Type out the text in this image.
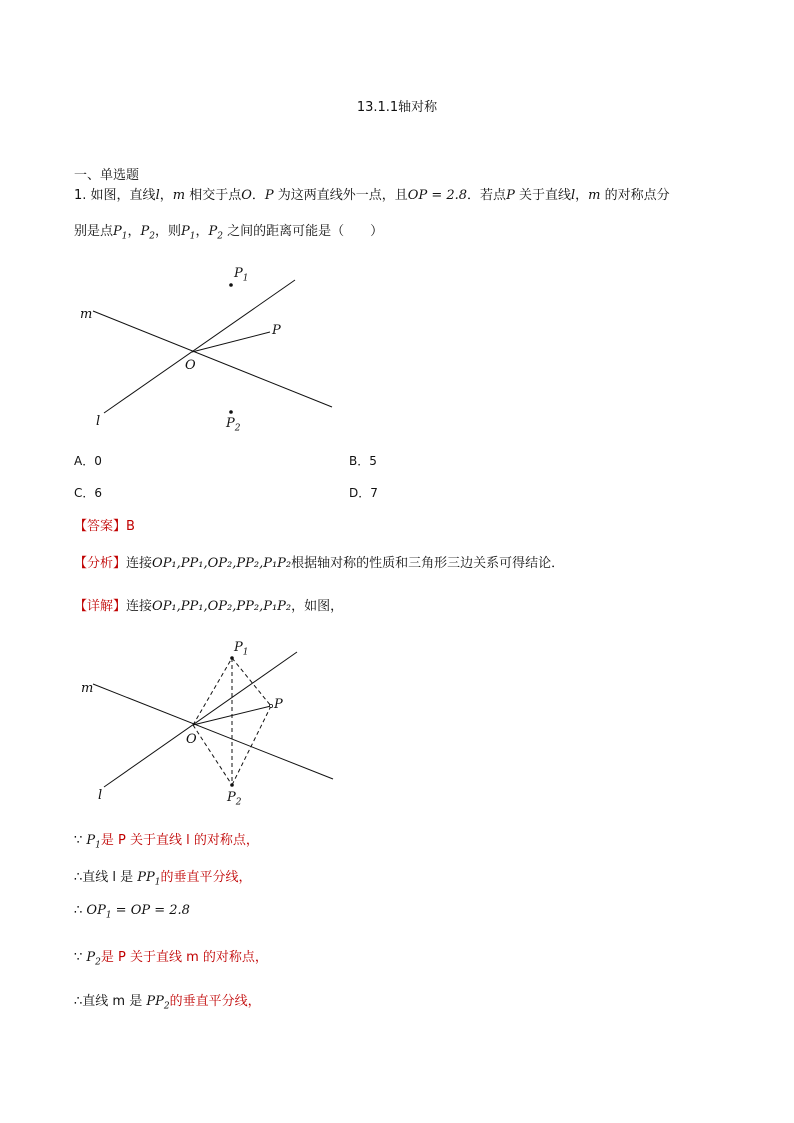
13.1.1轴对称
一、单选题
1. 如图，直线l，m 相交于点O．P 为这两直线外一点，且OP = 2.8．若点P 关于直线l，m 的对称点分
别是点$P_1$，$P_2$，则$P_1$，$P_2$ 之间的距离可能是（　　）
$P_1$
P
m
O
l	$P_2$
A．0	B．5
C．6	D．7
【答案】B
【分析】连接OP₁,PP₁,OP₂,PP₂,P₁P₂根据轴对称的性质和三角形三边关系可得结论．
【详解】连接OP₁,PP₁,OP₂,PP₂,P₁P₂，如图，
$P_1$
P
m
O
l	$P_2$
∵ $P_1$是 P 关于直线 l 的对称点，
∴直线 l 是 $PP_1$的垂直平分线，
∴ $OP_1$ = OP = 2.8
∵ $P_2$是 P 关于直线 m 的对称点，
∴直线 m 是 $PP_2$的垂直平分线，
